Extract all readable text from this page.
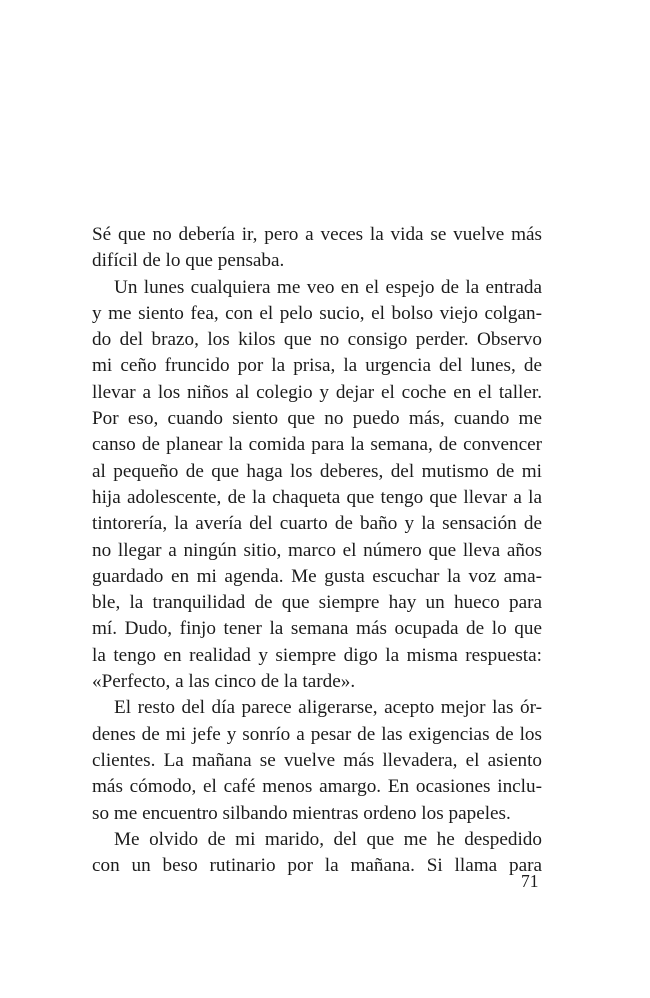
Sé que no debería ir, pero a veces la vida se vuelve más
difícil de lo que pensaba.
Un lunes cualquiera me veo en el espejo de la entrada
y me siento fea, con el pelo sucio, el bolso viejo colgan-
do del brazo, los kilos que no consigo perder. Observo
mi ceño fruncido por la prisa, la urgencia del lunes, de
llevar a los niños al colegio y dejar el coche en el taller.
Por eso, cuando siento que no puedo más, cuando me
canso de planear la comida para la semana, de convencer
al pequeño de que haga los deberes, del mutismo de mi
hija adolescente, de la chaqueta que tengo que llevar a la
tintorería, la avería del cuarto de baño y la sensación de
no llegar a ningún sitio, marco el número que lleva años
guardado en mi agenda. Me gusta escuchar la voz ama-
ble, la tranquilidad de que siempre hay un hueco para
mí. Dudo, finjo tener la semana más ocupada de lo que
la tengo en realidad y siempre digo la misma respuesta:
«Perfecto, a las cinco de la tarde».
El resto del día parece aligerarse, acepto mejor las ór-
denes de mi jefe y sonrío a pesar de las exigencias de los
clientes. La mañana se vuelve más llevadera, el asiento
más cómodo, el café menos amargo. En ocasiones inclu-
so me encuentro silbando mientras ordeno los papeles.
Me olvido de mi marido, del que me he despedido
con un beso rutinario por la mañana. Si llama para
71
